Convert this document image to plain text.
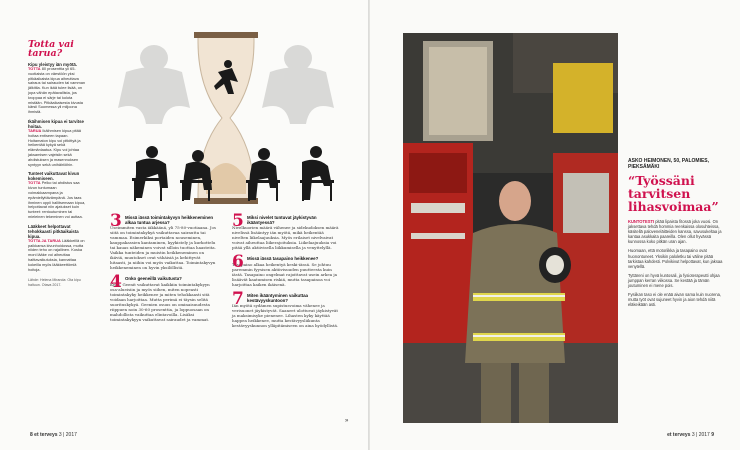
Totta vai tarua?
Kipu yleistyy iän myötä.
TOTTA 80 prosenttia yli 65-vuotiaista on väestöön yksi pitkäaikaista kipua aiheuttava sairaus tai sairauden tai vamman jälkitila. Kun ikää tulee lisää, on jopa vähän epätavallista, jos kroppaa ei särje tai kolota mistään. Pitkäaikaisesta kivusta kärsii Suomessa yli miljoona ihmistä.
Ikäihmisen kipua ei tarvitse hoitaa.
TARUA Ikäihmisen kipua pitää hoitaa entiseen tapaan. Hoitamaton kipu voi pitkittyä ja heikentää kykyä sekä elämänlaatua. Kipu voi johtaa jaksamisen vajeisiin sekä ahdistuksen ja masennuksen syntyyn sekä unihäiriöihin.
Tunteet vaikuttavat kivun kokemiseen.
TOTTA Pelko tai ahdistus saa kivun tuntumaan voimakkaampana ja epämiellyttävämpänä. Jos taas ihminen oppii hallitsemaan kipua, helpottavat niin ajatukset kuin tunteet: rentoutuminen tai mieleinen tekeminen voi auttaa.
Lääkkeet helpottavat tehokkaasti pitkäaikaista kipua.
TOTTA JA TARUA Lääkkeillä on paikkansa kivunhoidossa, mutta niiden teho on rajallinen. Koska moni lääke voi aiheuttaa haittavaikutuksia, kannattaa kokeilla myös lääkkeettömiä hoitoja.
Lähde: Helena Miranda: Ota kipu haltuun. Otava 2017.
3 Missä iässä toimintakyvyn heikkeneminen alkaa tuntua arjessa?
Useimmiten vasta iäkkäänä, yli 75-80-vuotiaana. Jos siitä on toimintakykyä vaikuttavaa sairautta tai vammaa. Esimerkiksi portaiden nouseminen, kauppakassien kantaminen, kyykistely ja kurkottelu tai kauas näkeminen voivat silloin tuottaa haasteita. Vaikka tunteiden ja muistin heikkeneminen on ikäviä, muutokset ovat vähäisiä ja kehittyvät hitaasti, ja niihin voi myös vaikuttaa. Toimintakyvyn heikkeneminen on hyvin yksilöllistä.
4 Onko geeneillä vaikutusta?
Kyllä. Geenit vaikuttavat kaikkiin toimintakykyyn osa-alueisiin ja myös siihen, miten nopeasti toimintakyky heikkenee ja miten tehokkaasti sitä voidaan harjoittaa. Mutta perimä ei täysin selitä suorituskykyä. Geenien osuus on ominaisuudesta riippuen noin 30-60 prosenttia, ja loppuosaan on mahdollista vaikuttaa elintavoilla. Lisäksi toimintakykyyn vaikuttavat sairaudet ja vammat.
5 Miksi nivelet tuntuvat jäykistyvän ikääntyessä?
Nivelkuorien määrä vähenee ja sidekudoksen määrä nivelissä lisääntyy iän myötä, mikä heikentää nivelten liikelaajuuksia. Myös erilaiset nivelvaivat voivat aiheuttaa liikerajoituksia. Liikelaajuuksia voi pitää yllä aktiivisella liikkumisella ja venyttelyllä.
6 Missä iässä tasapaino heikkenee?
Tasapaino alkaa heikentyä keski-iässä. Se johtuu paremmin fyysisen aktiivisuuden puutteesta kuin iästä. Tasapaino ongelmat rajoittavat usein arkea ja lisäävät kaatumisen riskiä, mutta tasapainoa voi harjoittaa kaiken ikäisenä.
7 Miten ikääntyminen vaikuttaa kestävyyskuntoon?
Iän myötä sydämen supistusvoima vähenee ja verisuonet jäykistyvät. Saaneet ulottuvat jäykistyvät ja maksimisyke pienenee. Lihasten kyky käyttää happea heikkenee, mutta kestävyysliikunta kestävyyskunnon ylläpitämiseen on aina hyödyllistä.
»
8 et terveys 3 | 2017
ASKO HEIMONEN, 50, PALOMIES, PIEKSÄMÄKI
“Työssäni tarvitsen lihasvoimaa”

KUNTOTESTI pitää lipaista fitossä joka vuosi. On jaksettava tehdä hommia reenkaissa olosuhteissa, käsitellä paloveneläitteiden kanssa, savusukeltaa ja kantaa asukkaita paareilla. Olen ollut hyvässä kunnossa koko pitkän uran ajan.

Huomaan, että motoriikka ja tasapaino ovat huonontuneet. Yksikin paloletku tai väline pitää tarkistaa kahdesti. Polvikivut helpottavat, kun jaksaa venytellä.

Tyttäreni on hyvä kuntosali, ja fysioterapeutti ohjaa jumppan kerran viikossa. Se kestää ja tämän joutuminen ei mene pois.

Fysiikan taso ei ole enää aivan sama kuin nuorena, mutta työt ovat sujuneet hyvin ja aion tehdä niitä eläkeikään asti.

et terveys 3 | 2017 9
